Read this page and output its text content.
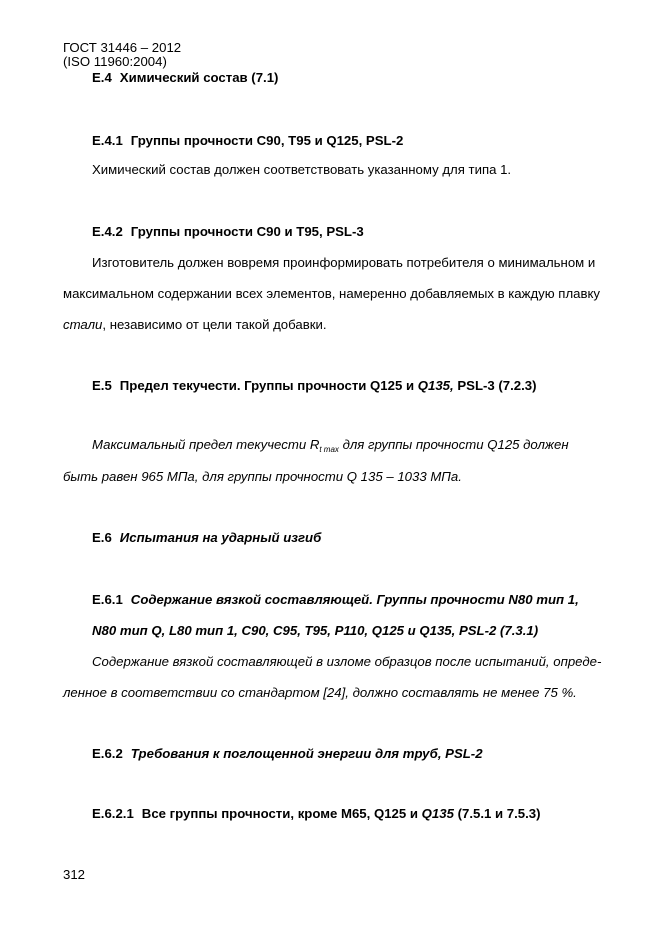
ГОСТ 31446 – 2012
(ISO 11960:2004)
Е.4 Химический состав (7.1)
Е.4.1 Группы прочности С90, Т95 и Q125, PSL-2
Химический состав должен соответствовать указанному для типа 1.
Е.4.2 Группы прочности С90 и Т95, PSL-3
Изготовитель должен вовремя проинформировать потребителя о минимальном и
максимальном содержании всех элементов, намеренно добавляемых в каждую плавку
стали, независимо от цели такой добавки.
Е.5 Предел текучести. Группы прочности Q125 и Q135, PSL-3 (7.2.3)
Максимальный предел текучести $R_{t max}$ для группы прочности Q125 должен
быть равен 965 МПа, для группы прочности Q 135 – 1033 МПа.
Е.6 Испытания на ударный изгиб
Е.6.1 Содержание вязкой составляющей. Группы прочности N80 тип 1,
N80 тип Q, L80 тип 1, С90, С95, Т95, Р110, Q125 и Q135, PSL-2 (7.3.1)
Содержание вязкой составляющей в изломе образцов после испытаний, опреде-
ленное в соответствии со стандартом [24], должно составлять не менее 75 %.
Е.6.2 Требования к поглощенной энергии для труб, PSL-2
Е.6.2.1 Все группы прочности, кроме М65, Q125 и Q135 (7.5.1 и 7.5.3)
312
